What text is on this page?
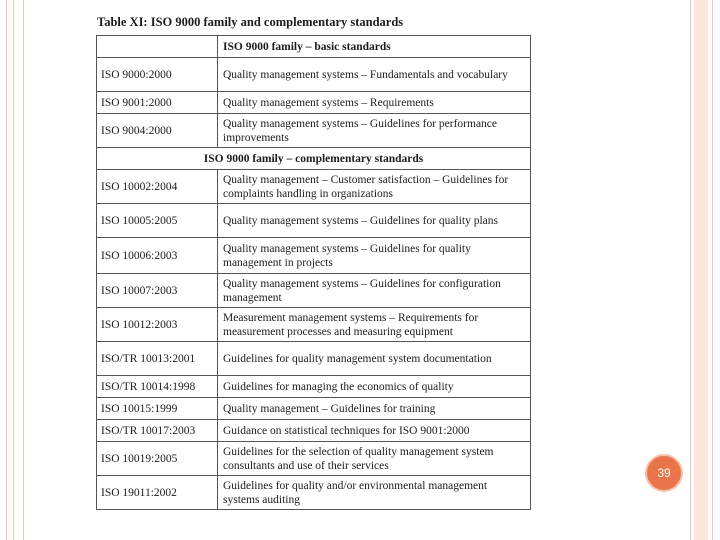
Table XI: ISO 9000 family and complementary standards
	ISO 9000 family – basic standards
ISO 9000:2000	Quality management systems – Fundamentals and vocabulary
ISO 9001:2000	Quality management systems – Requirements
ISO 9004:2000	Quality management systems – Guidelines for performance improvements
ISO 9000 family – complementary standards	
ISO 10002:2004	Quality management – Customer satisfaction – Guidelines for complaints handling in organizations
ISO 10005:2005	Quality management systems – Guidelines for quality plans
ISO 10006:2003	Quality management systems – Guidelines for quality management in projects
ISO 10007:2003	Quality management systems – Guidelines for configuration management
ISO 10012:2003	Measurement management systems – Requirements for measurement processes and measuring equipment
ISO/TR 10013:2001	Guidelines for quality management system documentation
ISO/TR 10014:1998	Guidelines for managing the economics of quality
ISO 10015:1999	Quality management – Guidelines for training
ISO/TR 10017:2003	Guidance on statistical techniques for ISO 9001:2000
ISO 10019:2005	Guidelines for the selection of quality management system consultants and use of their services
ISO 19011:2002	Guidelines for quality and/or environmental management systems auditing
39
